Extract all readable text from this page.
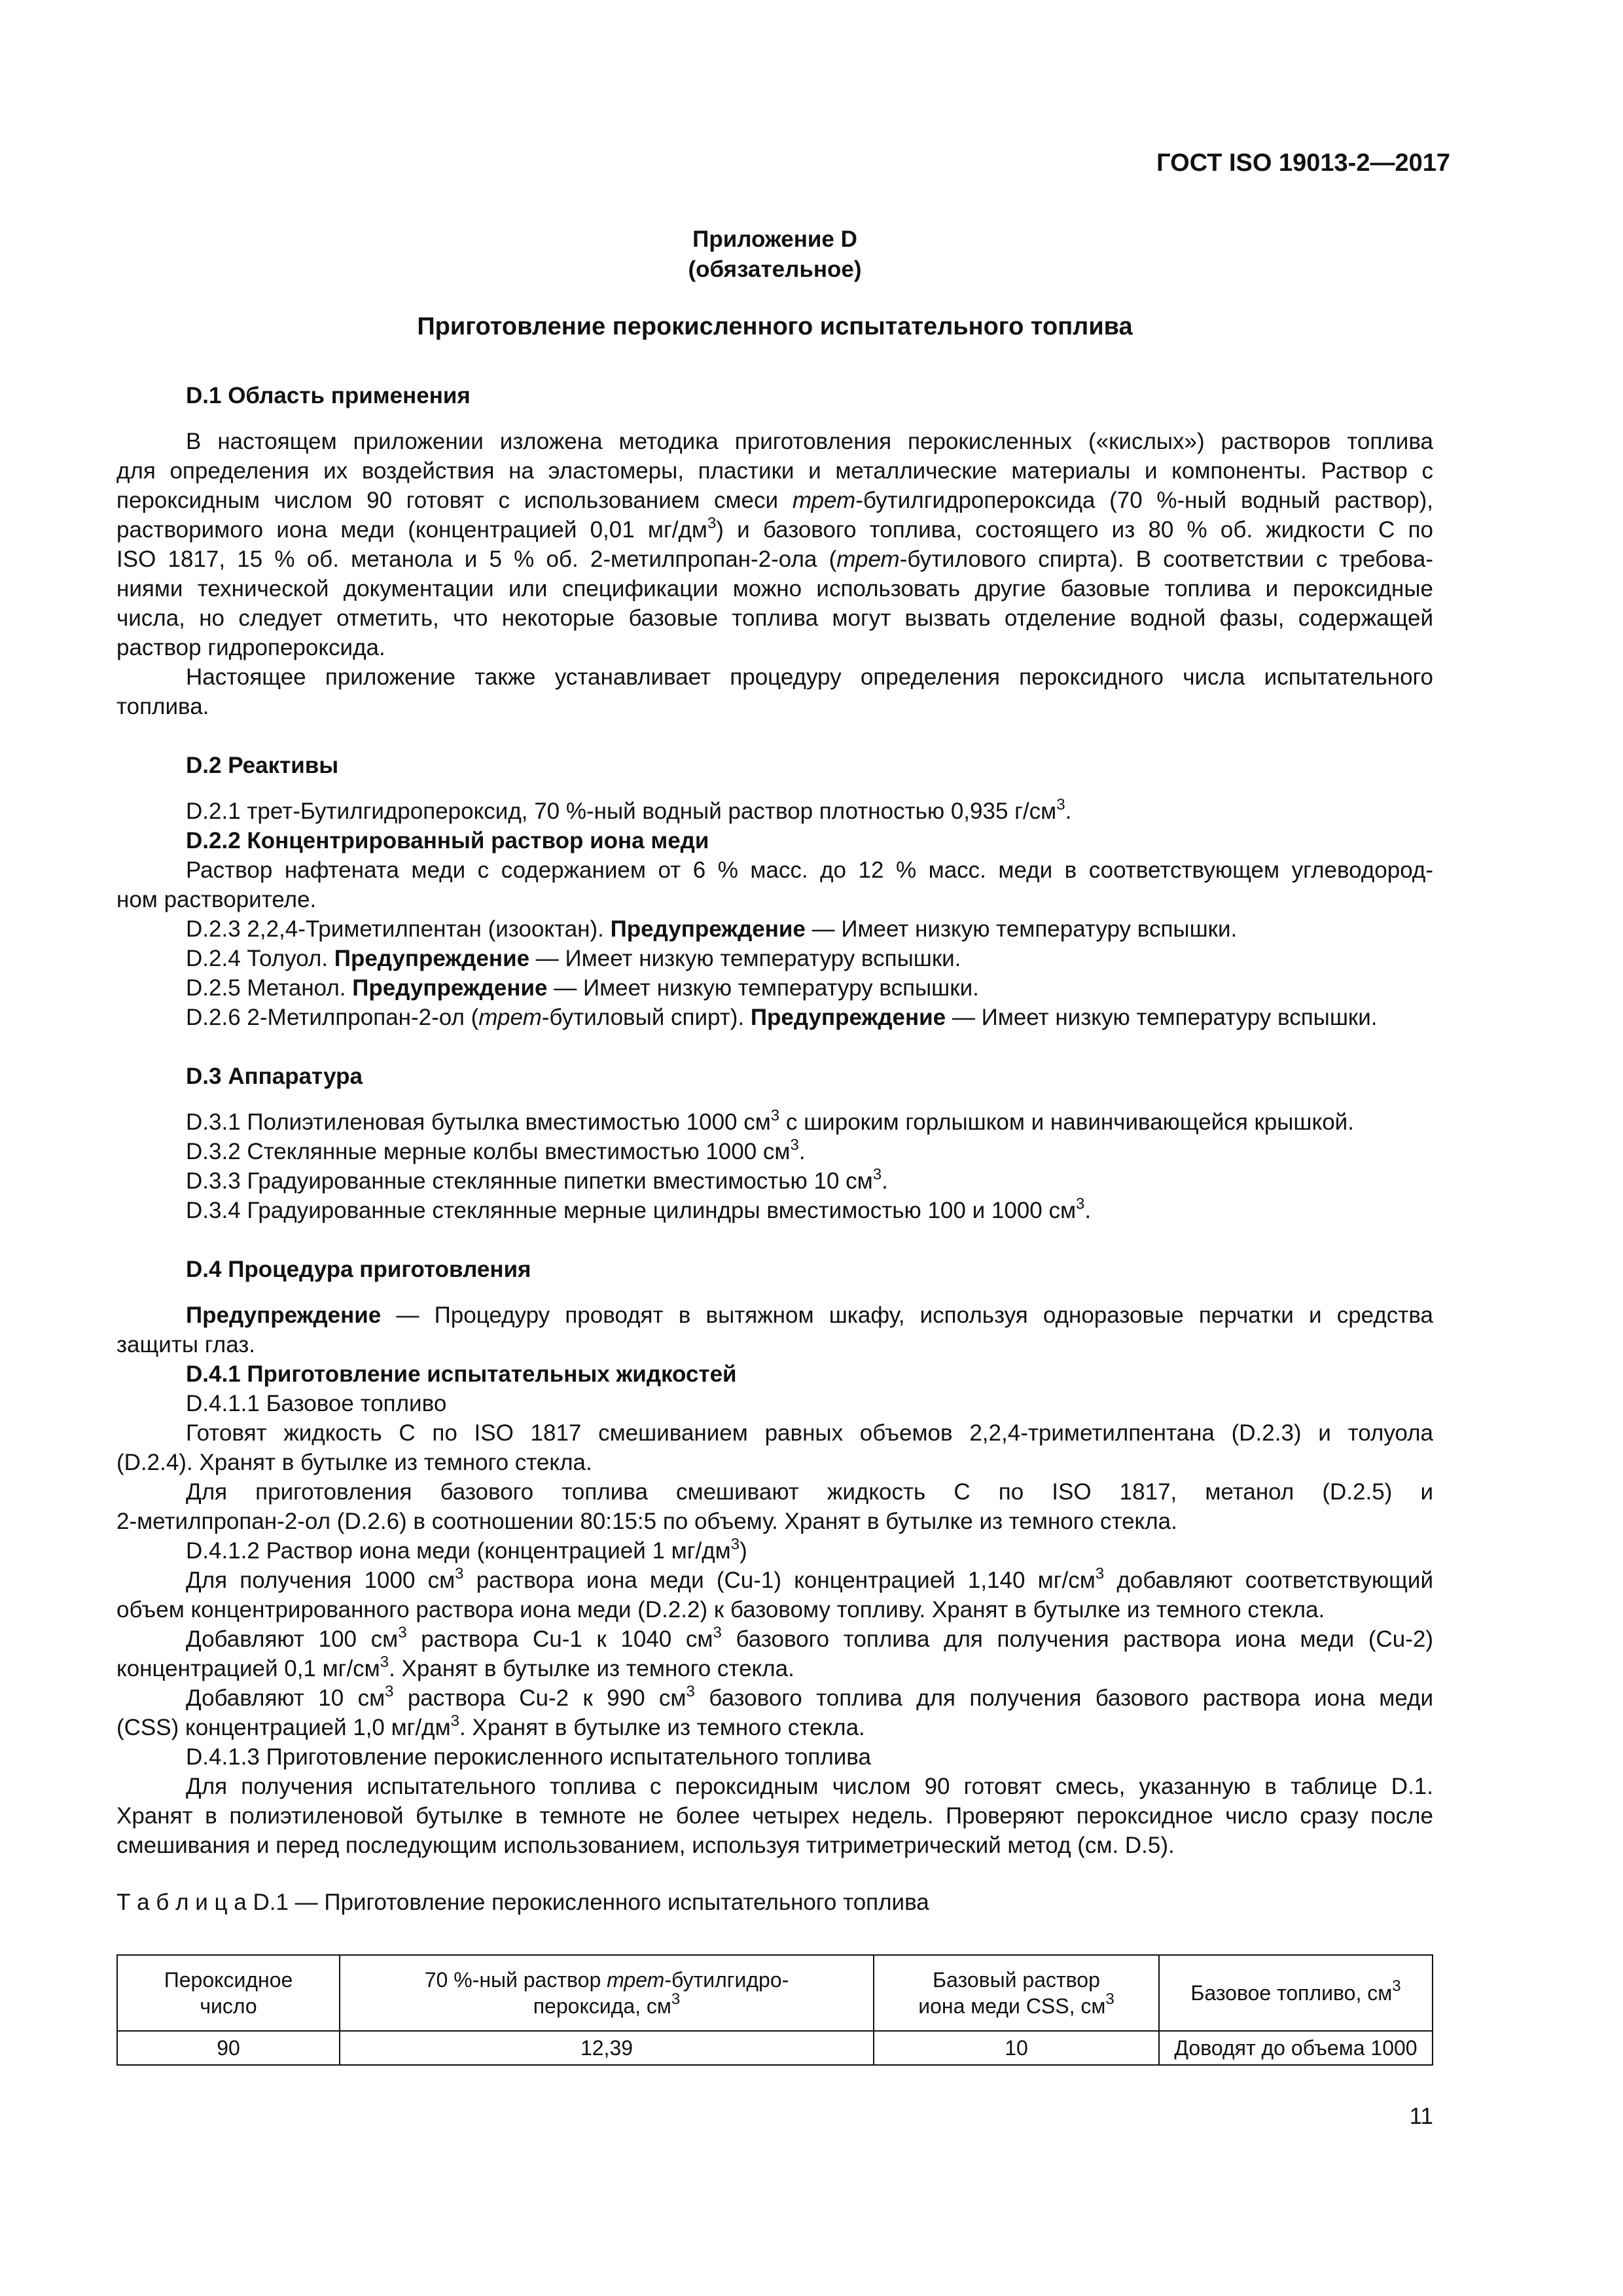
ГОСТ ISO 19013-2—2017
Приложение D
(обязательное)
Приготовление перокисленного испытательного топлива
D.1 Область применения
В настоящем приложении изложена методика приготовления перокисленных («кислых») растворов топлива
для определения их воздействия на эластомеры, пластики и металлические материалы и компоненты. Раствор с
пероксидным числом 90 готовят с использованием смеси трет-бутилгидропероксида (70 %-ный водный раствор),
растворимого иона меди (концентрацией 0,01 $мг/дм^3$) и базового топлива, состоящего из 80 % об. жидкости С по
ISO 1817, 15 % об. метанола и 5 % об. 2-метилпропан-2-ола (трет-бутилового спирта). В соответствии с требова-
ниями технической документации или спецификации можно использовать другие базовые топлива и пероксидные
числа, но следует отметить, что некоторые базовые топлива могут вызвать отделение водной фазы, содержащей
раствор гидропероксида.
Настоящее приложение также устанавливает процедуру определения пероксидного числа испытательного
топлива.
D.2 Реактивы
D.2.1 трет-Бутилгидропероксид, 70 %-ный водный раствор плотностью 0,935 $г/см^3$.
D.2.2 Концентрированный раствор иона меди
Раствор нафтената меди с содержанием от 6 % масс. до 12 % масс. меди в соответствующем углеводород-
ном растворителе.
D.2.3 2,2,4-Триметилпентан (изооктан). Предупреждение — Имеет низкую температуру вспышки.
D.2.4 Толуол. Предупреждение — Имеет низкую температуру вспышки.
D.2.5 Метанол. Предупреждение — Имеет низкую температуру вспышки.
D.2.6 2-Метилпропан-2-ол (трет-бутиловый спирт). Предупреждение — Имеет низкую температуру вспышки.
D.3 Аппаратура
D.3.1 Полиэтиленовая бутылка вместимостью 1000 $см^3$ с широким горлышком и навинчивающейся крышкой.
D.3.2 Стеклянные мерные колбы вместимостью 1000 $см^3$.
D.3.3 Градуированные стеклянные пипетки вместимостью 10 $см^3$.
D.3.4 Градуированные стеклянные мерные цилиндры вместимостью 100 и 1000 $см^3$.
D.4 Процедура приготовления
Предупреждение — Процедуру проводят в вытяжном шкафу, используя одноразовые перчатки и средства
защиты глаз.
D.4.1 Приготовление испытательных жидкостей
D.4.1.1 Базовое топливо
Готовят жидкость С по ISO 1817 смешиванием равных объемов 2,2,4-триметилпентана (D.2.3) и толуола
(D.2.4). Хранят в бутылке из темного стекла.
Для приготовления базового топлива смешивают жидкость С по ISO 1817, метанол (D.2.5) и
2-метилпропан-2-ол (D.2.6) в соотношении 80:15:5 по объему. Хранят в бутылке из темного стекла.
D.4.1.2 Раствор иона меди (концентрацией 1 $мг/дм^3$)
Для получения 1000 $см^3$ раствора иона меди (Cu-1) концентрацией 1,140 $мг/см^3$ добавляют соответствующий
объем концентрированного раствора иона меди (D.2.2) к базовому топливу. Хранят в бутылке из темного стекла.
Добавляют 100 $см^3$ раствора Cu-1 к 1040 $см^3$ базового топлива для получения раствора иона меди (Cu-2)
концентрацией 0,1 $мг/см^3$. Хранят в бутылке из темного стекла.
Добавляют 10 $см^3$ раствора Cu-2 к 990 $см^3$ базового топлива для получения базового раствора иона меди
(CSS) концентрацией 1,0 $мг/дм^3$. Хранят в бутылке из темного стекла.
D.4.1.3 Приготовление перокисленного испытательного топлива
Для получения испытательного топлива с пероксидным числом 90 готовят смесь, указанную в таблице D.1.
Хранят в полиэтиленовой бутылке в темноте не более четырех недель. Проверяют пероксидное число сразу после
смешивания и перед последующим использованием, используя титриметрический метод (см. D.5).
Т а б л и ц а D.1 — Приготовление перокисленного испытательного топлива
Пероксидное
число	70 %-ный раствор трет-бутилгидро-
пероксида, $см^3$	Базовый раствор
иона меди CSS, $см^3$	Базовое топливо, $см^3$
90	12,39	10	Доводят до объема 1000
11
